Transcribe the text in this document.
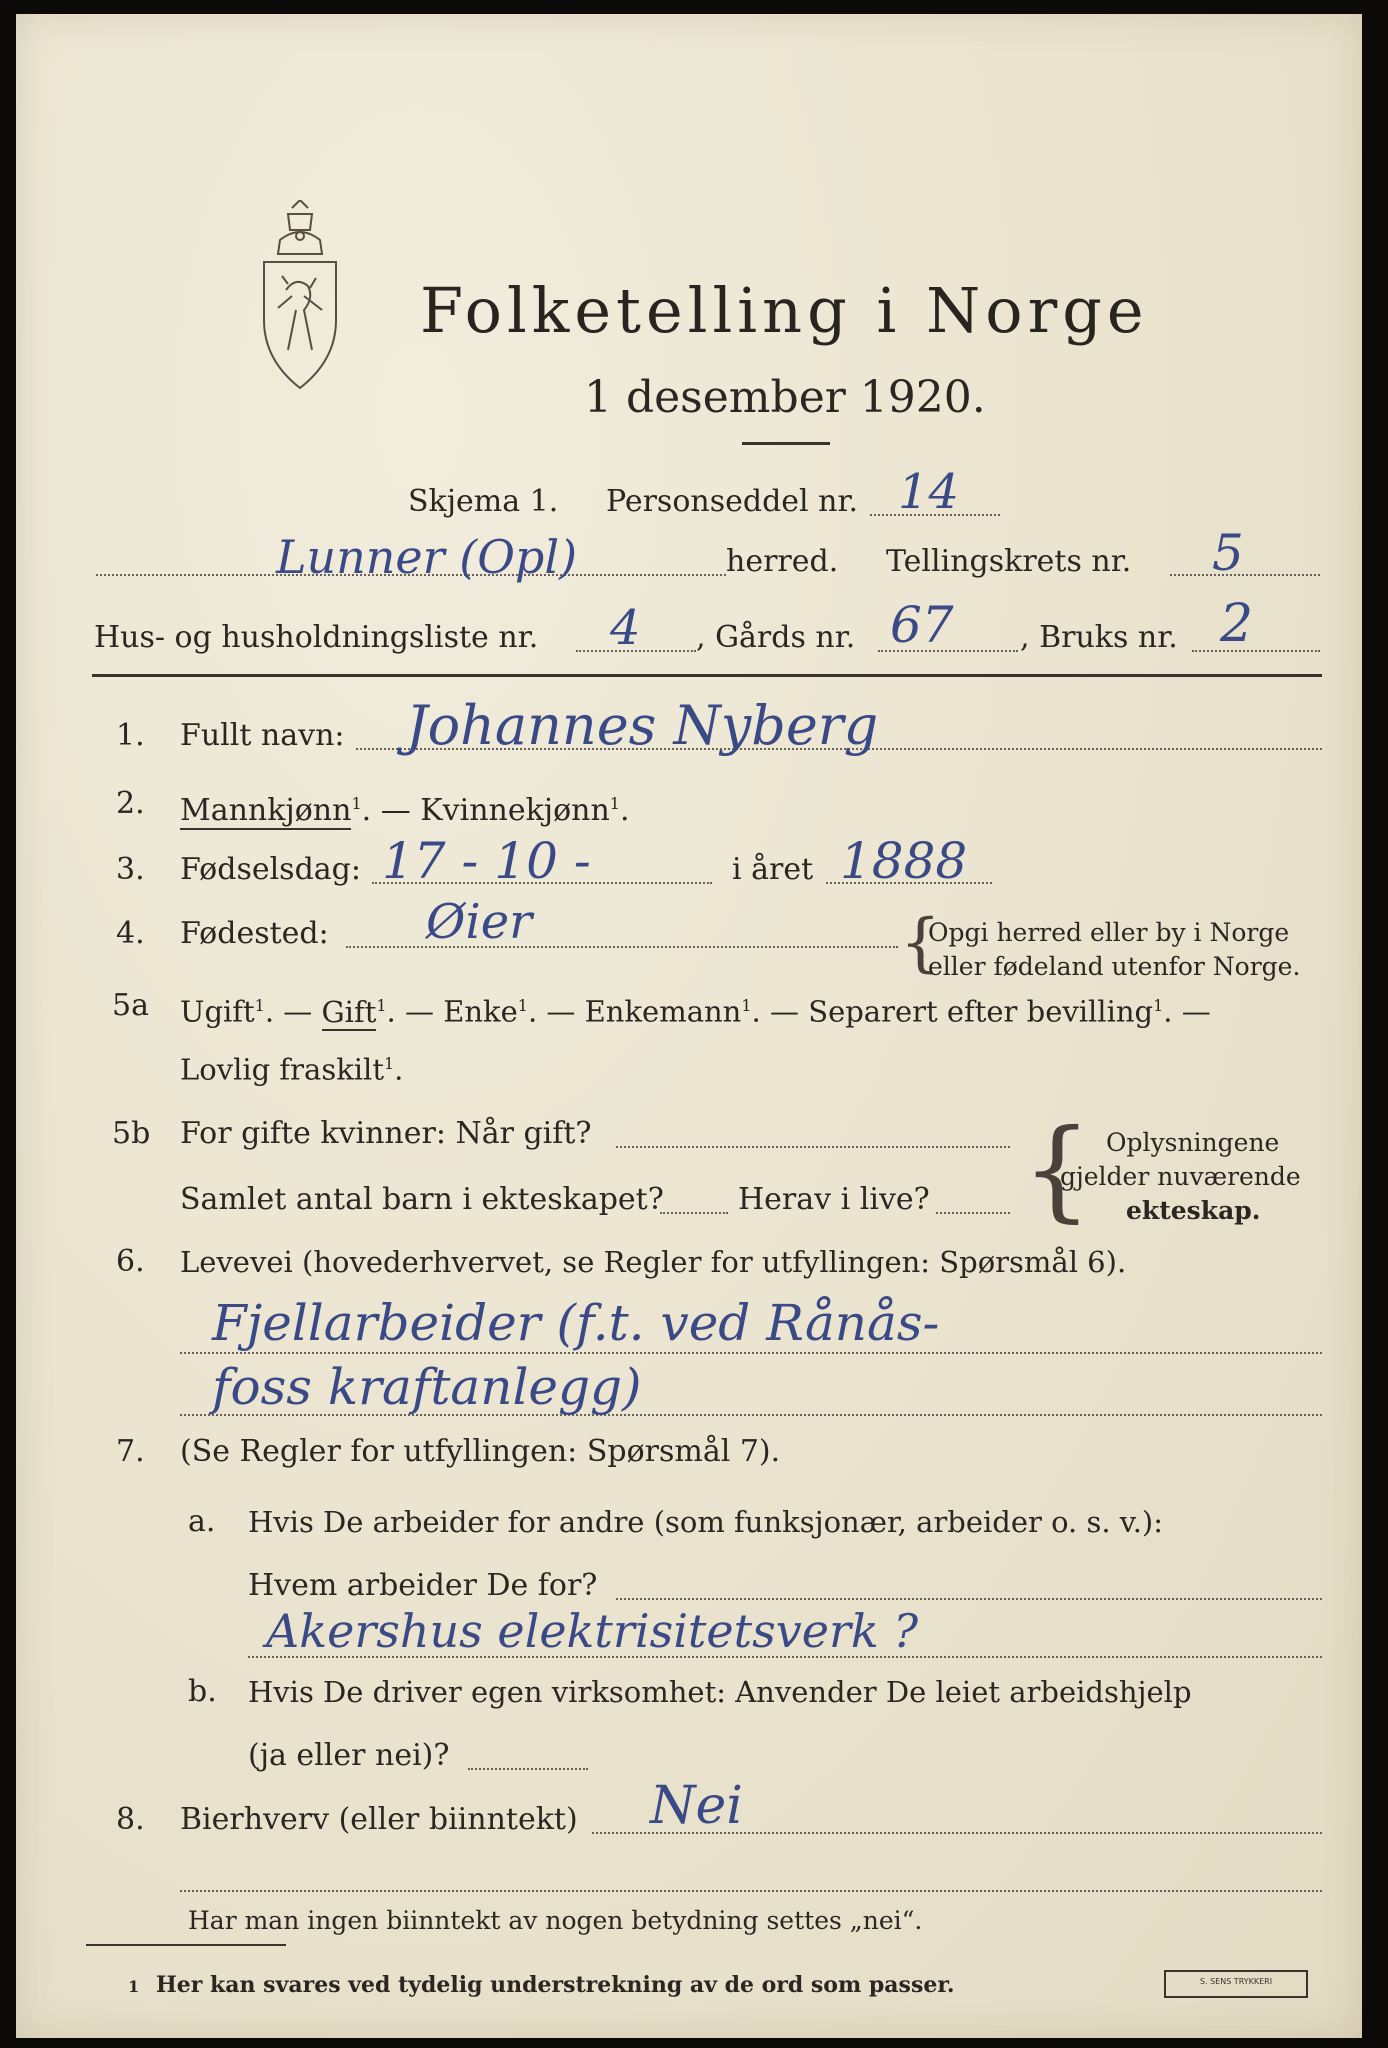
Folketelling i Norge
1 desember 1920.
Skjema 1. Personseddel nr. 14
Lunner (Opl)	herred. Tellingskrets nr. 5
Hus- og husholdningsliste nr. 4 , Gårds nr. 67 , Bruks nr. 2
1. Fullt navn: Johannes Nyberg
2. Mannkjønn$^1$. — Kvinnekjønn$^1$.
3. Fødselsdag: 17 - 10 -	i året 1888
4. Fødested: Øier	{
Opgi herred eller by i Norge
eller fødeland utenfor Norge.
5a Ugift$^1$. — Gift$^1$. — Enke$^1$. — Enkemann$^1$. — Separert efter bevilling$^1$. —
Lovlig fraskilt$^1$.
5b For gifte kvinner: Når gift?
Samlet antal barn i ekteskapet? Herav i live? { Oplysningene
gjelder nuværende
ekteskap.
6. Levevei (hovederhvervet, se Regler for utfyllingen: Spørsmål 6).
Fjellarbeider (f.t. ved Rånås-
foss kraftanlegg)
7. (Se Regler for utfyllingen: Spørsmål 7).
a. Hvis De arbeider for andre (som funksjonær, arbeider o. s. v.):
Hvem arbeider De for?
Akershus elektrisitetsverk ?
b. Hvis De driver egen virksomhet: Anvender De leiet arbeidshjelp
(ja eller nei)?
8. Bierhverv (eller biinntekt) Nei
Har man ingen biinntekt av nogen betydning settes „nei“.
1 Her kan svares ved tydelig understrekning av de ord som passer.	S. SENS TRYKKERI
